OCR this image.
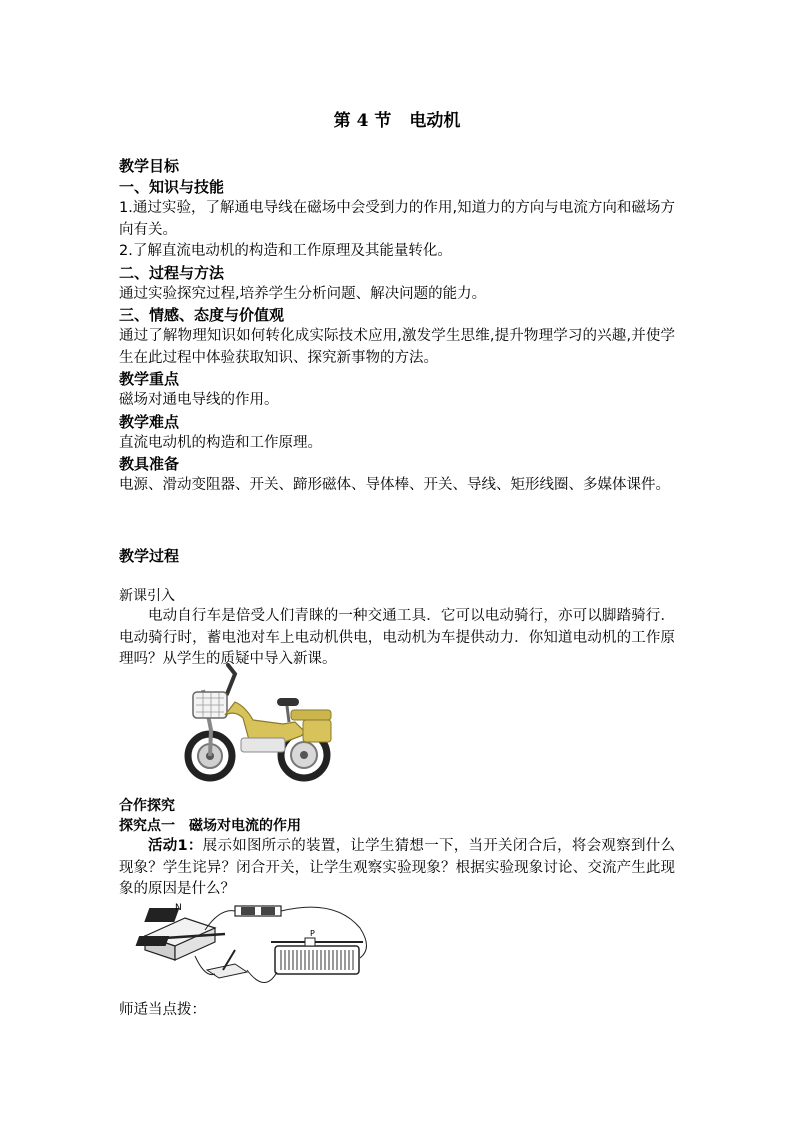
第 4 节 电动机
教学目标
一、知识与技能
1.通过实验，了解通电导线在磁场中会受到力的作用,知道力的方向与电流方向和磁场方向有关。
2.了解直流电动机的构造和工作原理及其能量转化。
二、过程与方法
通过实验探究过程,培养学生分析问题、解决问题的能力。
三、情感、态度与价值观
通过了解物理知识如何转化成实际技术应用,激发学生思维,提升物理学习的兴趣,并使学生在此过程中体验获取知识、探究新事物的方法。
教学重点
磁场对通电导线的作用。
教学难点
直流电动机的构造和工作原理。
教具准备
电源、滑动变阻器、开关、蹄形磁体、导体棒、开关、导线、矩形线圈、多媒体课件。
教学过程
新课引入
电动自行车是倍受人们青睐的一种交通工具．它可以电动骑行，亦可以脚踏骑行．电动骑行时，蓄电池对车上电动机供电，电动机为车提供动力．你知道电动机的工作原理吗？从学生的质疑中导入新课。
合作探究
探究点一　磁场对电流的作用
活动1：展示如图所示的装置，让学生猜想一下，当开关闭合后，将会观察到什么现象？学生诧异？闭合开关，让学生观察实验现象？根据实验现象讨论、交流产生此现象的原因是什么？
N
P
师适当点拨：
